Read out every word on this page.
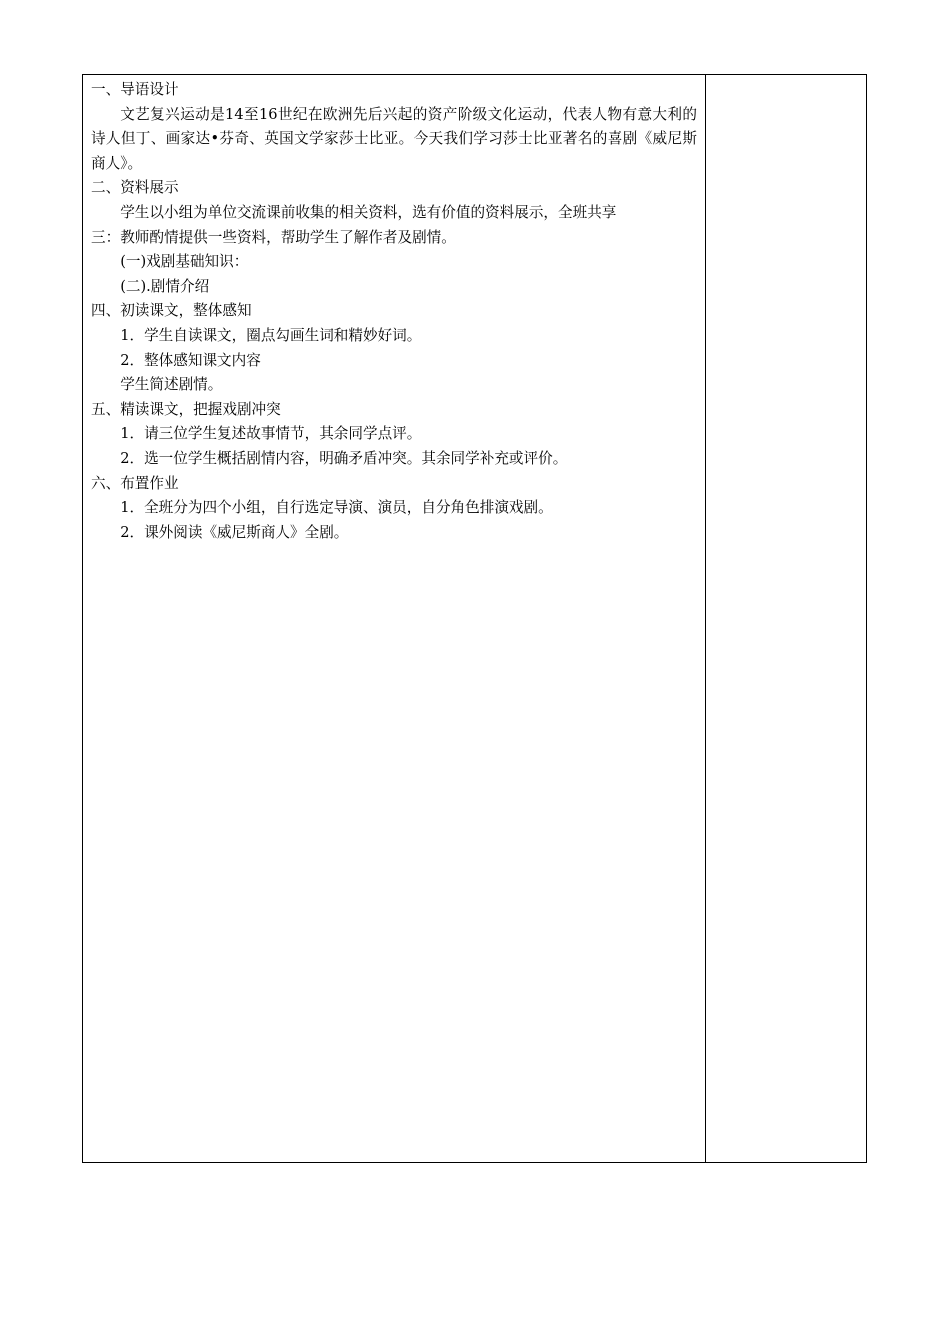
一、导语设计

文艺复兴运动是14至16世纪在欧洲先后兴起的资产阶级文化运动，代表人物有意大利的诗人但丁、画家达•芬奇、英国文学家莎士比亚。今天我们学习莎士比亚著名的喜剧《威尼斯商人》。

二、资料展示

学生以小组为单位交流课前收集的相关资料，选有价值的资料展示，全班共享

三：教师酌情提供一些资料，帮助学生了解作者及剧情。

(一)戏剧基础知识：

(二).剧情介绍

四、初读课文，整体感知

1．学生自读课文，圈点勾画生词和精妙好词。

2．整体感知课文内容

学生简述剧情。

五、精读课文，把握戏剧冲突

1．请三位学生复述故事情节，其余同学点评。

2．选一位学生概括剧情内容，明确矛盾冲突。其余同学补充或评价。

六、布置作业

1．全班分为四个小组，自行选定导演、演员，自分角色排演戏剧。

2．课外阅读《威尼斯商人》全剧。
